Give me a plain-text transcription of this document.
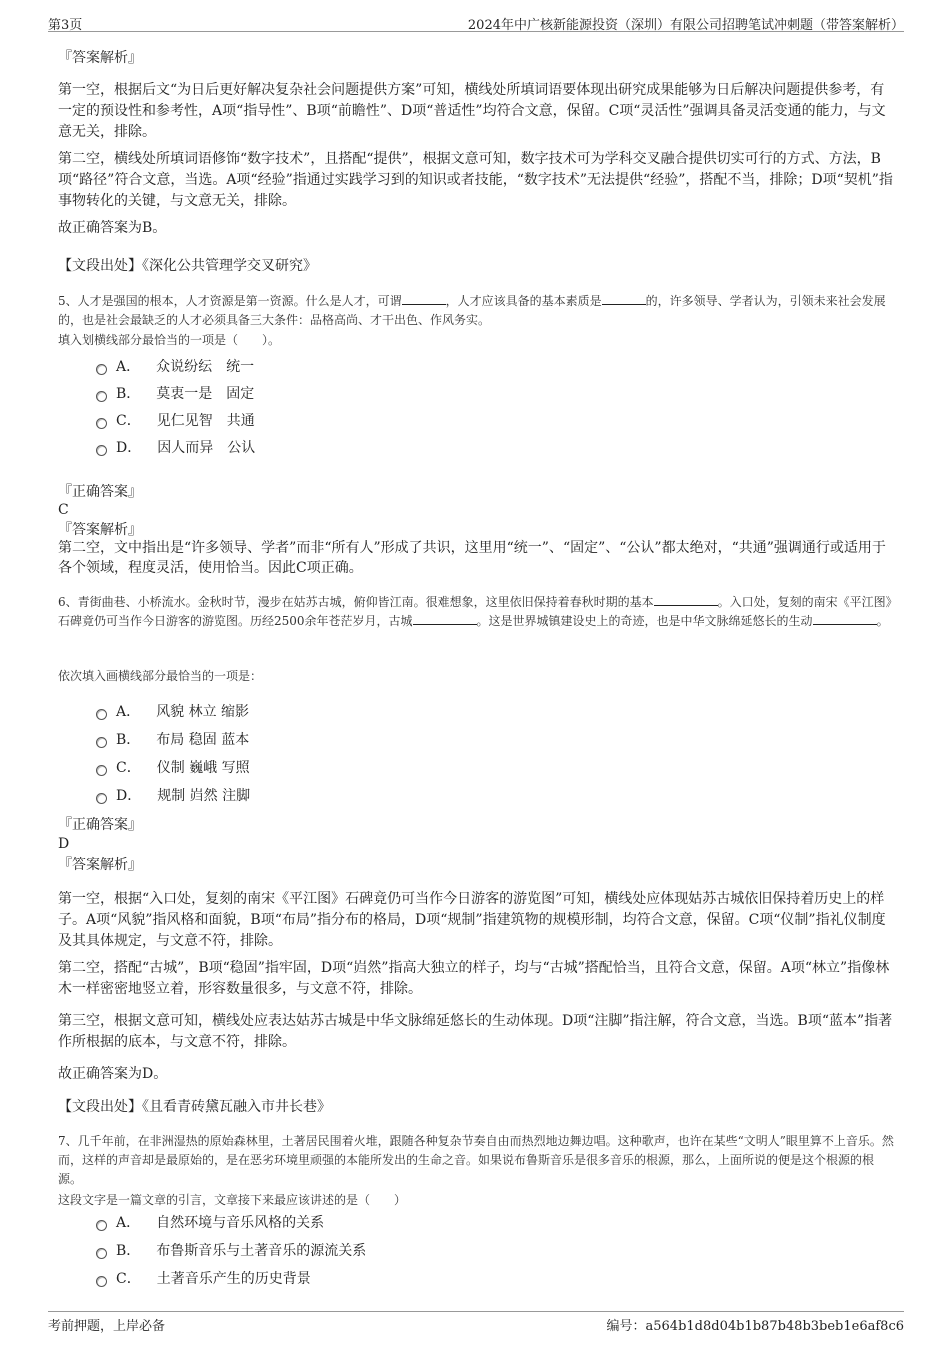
第3页	2024年中广核新能源投资（深圳）有限公司招聘笔试冲刺题（带答案解析）

『答案解析』

第一空，根据后文“为日后更好解决复杂社会问题提供方案”可知，横线处所填词语要体现出研究成果能够为日后解决问题提供参考，有一定的预设性和参考性，A项“指导性”、B项“前瞻性”、D项“普适性”均符合文意，保留。C项“灵活性”强调具备灵活变通的能力，与文意无关，排除。

第二空，横线处所填词语修饰“数字技术”，且搭配“提供”，根据文意可知，数字技术可为学科交叉融合提供切实可行的方式、方法，B项“路径”符合文意，当选。A项“经验”指通过实践学习到的知识或者技能，“数字技术”无法提供“经验”，搭配不当，排除；D项“契机”指事物转化的关键，与文意无关，排除。

故正确答案为B。

【文段出处】《深化公共管理学交叉研究》

5、人才是强国的根本，人才资源是第一资源。什么是人才，可谓	，人才应该具备的基本素质是	的，许多领导、学者认为，引领未来社会发展的，也是社会最缺乏的人才必须具备三大条件：品格高尚、才干出色、作风务实。

填入划横线部分最恰当的一项是（　　）。

A． 众说纷纭　统一
B． 莫衷一是　固定
C． 见仁见智　共通
D． 因人而异　公认

『正确答案』

C

『答案解析』

第二空，文中指出是“许多领导、学者”而非“所有人”形成了共识，这里用“统一”、“固定”、“公认”都太绝对，“共通”强调通行或适用于各个领域，程度灵活，使用恰当。因此C项正确。

6、青街曲巷、小桥流水。金秋时节，漫步在姑苏古城，俯仰皆江南。很难想象，这里依旧保持着春秋时期的基本	。入口处，复刻的南宋《平江图》石碑竟仍可当作今日游客的游览图。历经2500余年苍茫岁月，古城	。这是世界城镇建设史上的奇迹，也是中华文脉绵延悠长的生动	。

依次填入画横线部分最恰当的一项是：

A． 风貌 林立 缩影
B． 布局 稳固 蓝本
C． 仪制 巍峨 写照
D． 规制 岿然 注脚

『正确答案』

D

『答案解析』

第一空，根据“入口处，复刻的南宋《平江图》石碑竟仍可当作今日游客的游览图”可知，横线处应体现姑苏古城依旧保持着历史上的样子。A项“风貌”指风格和面貌，B项“布局”指分布的格局，D项“规制”指建筑物的规模形制，均符合文意，保留。C项“仪制”指礼仪制度及其具体规定，与文意不符，排除。

第二空，搭配“古城”，B项“稳固”指牢固，D项“岿然”指高大独立的样子，均与“古城”搭配恰当，且符合文意，保留。A项“林立”指像林木一样密密地竖立着，形容数量很多，与文意不符，排除。

第三空，根据文意可知，横线处应表达姑苏古城是中华文脉绵延悠长的生动体现。D项“注脚”指注解，符合文意，当选。B项“蓝本”指著作所根据的底本，与文意不符，排除。

故正确答案为D。

【文段出处】《且看青砖黛瓦融入市井长巷》

7、几千年前，在非洲湿热的原始森林里，土著居民围着火堆，跟随各种复杂节奏自由而热烈地边舞边唱。这种歌声，也许在某些“文明人”眼里算不上音乐。然而，这样的声音却是最原始的，是在恶劣环境里顽强的本能所发出的生命之音。如果说布鲁斯音乐是很多音乐的根源，那么，上面所说的便是这个根源的根源。

这段文字是一篇文章的引言，文章接下来最应该讲述的是（　　）

A． 自然环境与音乐风格的关系
B． 布鲁斯音乐与土著音乐的源流关系
C． 土著音乐产生的历史背景
考前押题，上岸必备	编号：a564b1d8d04b1b87b48b3beb1e6af8c6
